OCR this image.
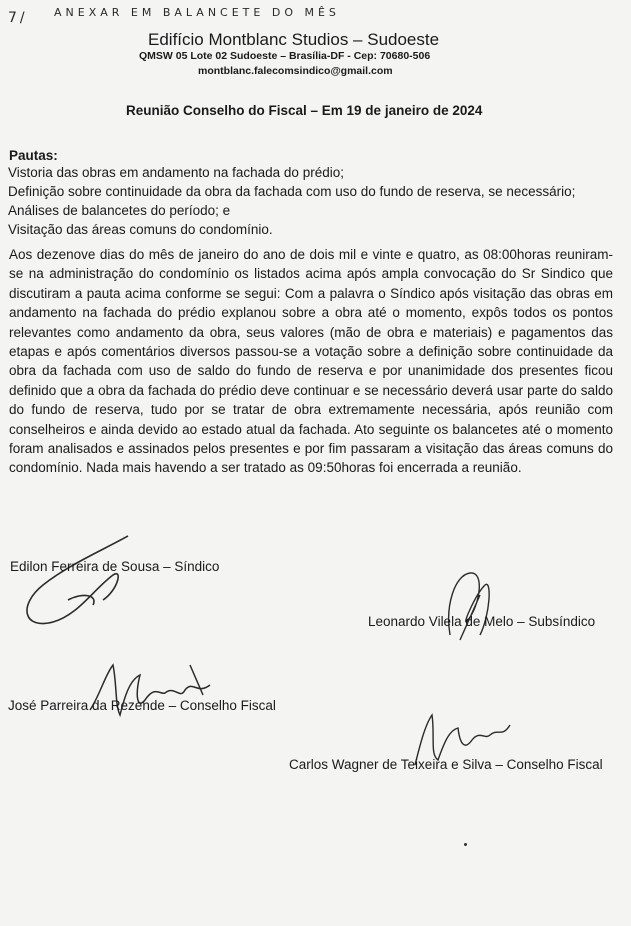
7/ ANEXAR EM BALANCETE DO MÊS
Edifício Montblanc Studios – Sudoeste
QMSW 05 Lote 02 Sudoeste – Brasília-DF - Cep: 70680-506
montblanc.falecomsindico@gmail.com
Reunião Conselho do Fiscal – Em 19 de janeiro de 2024
Pautas:
Vistoria das obras em andamento na fachada do prédio;
Definição sobre continuidade da obra da fachada com uso do fundo de reserva, se necessário;
Análises de balancetes do período; e
Visitação das áreas comuns do condomínio.
Aos dezenove dias do mês de janeiro do ano de dois mil e vinte e quatro, as 08:00horas reuniram-se na administração do condomínio os listados acima após ampla convocação do Sr Sindico que discutiram a pauta acima conforme se segui: Com a palavra o Síndico após visitação das obras em andamento na fachada do prédio explanou sobre a obra até o momento, expôs todos os pontos relevantes como andamento da obra, seus valores (mão de obra e materiais) e pagamentos das etapas e após comentários diversos passou-se a votação sobre a definição sobre continuidade da obra da fachada com uso de saldo do fundo de reserva e por unanimidade dos presentes ficou definido que a obra da fachada do prédio deve continuar e se necessário deverá usar parte do saldo do fundo de reserva, tudo por se tratar de obra extremamente necessária, após reunião com conselheiros e ainda devido ao estado atual da fachada. Ato seguinte os balancetes até o momento foram analisados e assinados pelos presentes e por fim passaram a visitação das áreas comuns do condomínio. Nada mais havendo a ser tratado as 09:50horas foi encerrada a reunião.
Edilon Ferreira de Sousa – Síndico
Leonardo Vilela de Melo – Subsíndico
José Parreira da Rezende – Conselho Fiscal
Carlos Wagner de Teixeira e Silva – Conselho Fiscal
